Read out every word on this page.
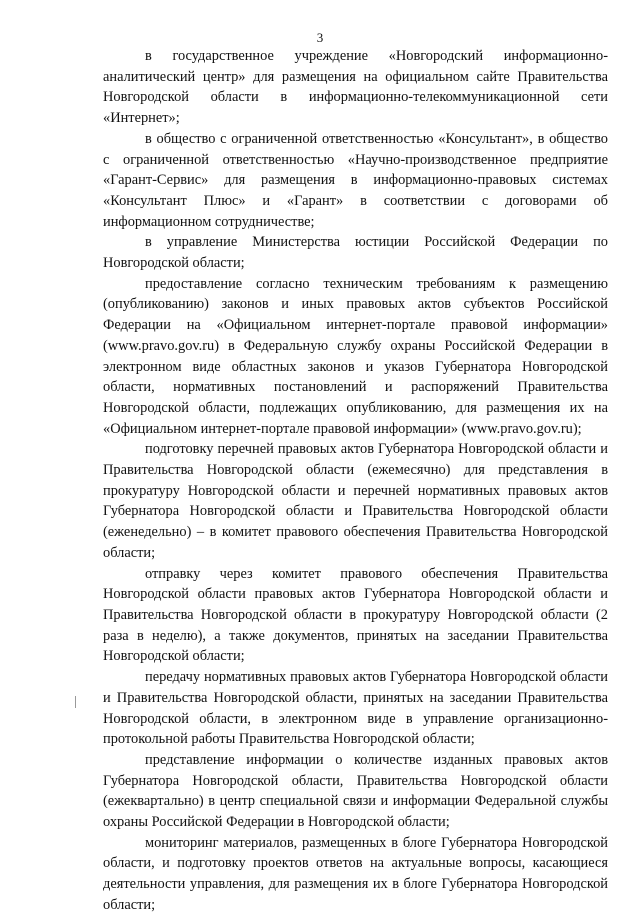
3

в государственное учреждение «Новгородский информационно-аналитический центр» для размещения на официальном сайте Правительства Новгородской области в информационно-телекоммуникационной сети «Интернет»;

в общество с ограниченной ответственностью «Консультант», в общество с ограниченной ответственностью «Научно-производственное предприятие «Гарант-Сервис» для размещения в информационно-правовых системах «Консультант Плюс» и «Гарант» в соответствии с договорами об информационном сотрудничестве;

в управление Министерства юстиции Российской Федерации по Новгородской области;

предоставление согласно техническим требованиям к размещению (опубликованию) законов и иных правовых актов субъектов Российской Федерации на «Официальном интернет-портале правовой информации» (www.pravo.gov.ru) в Федеральную службу охраны Российской Федерации в электронном виде областных законов и указов Губернатора Новгородской области, нормативных постановлений и распоряжений Правительства Новгородской области, подлежащих опубликованию, для размещения их на «Официальном интернет-портале правовой информации» (www.pravo.gov.ru);

подготовку перечней правовых актов Губернатора Новгородской области и Правительства Новгородской области (ежемесячно) для представления в прокуратуру Новгородской области и перечней нормативных правовых актов Губернатора Новгородской области и Правительства Новгородской области (еженедельно) – в комитет правового обеспечения Правительства Новгородской области;

отправку через комитет правового обеспечения Правительства Новгородской области правовых актов Губернатора Новгородской области и Правительства Новгородской области в прокуратуру Новгородской области (2 раза в неделю), а также документов, принятых на заседании Правительства Новгородской области;

передачу нормативных правовых актов Губернатора Новгородской области и Правительства Новгородской области, принятых на заседании Правительства Новгородской области, в электронном виде в управление организационно-протокольной работы Правительства Новгородской области;

представление информации о количестве изданных правовых актов Губернатора Новгородской области, Правительства Новгородской области (ежеквартально) в центр специальной связи и информации Федеральной службы охраны Российской Федерации в Новгородской области;

мониторинг материалов, размещенных в блоге Губернатора Новгородской области, и подготовку проектов ответов на актуальные вопросы, касающиеся деятельности управления, для размещения их в блоге Губернатора Новгородской области;
